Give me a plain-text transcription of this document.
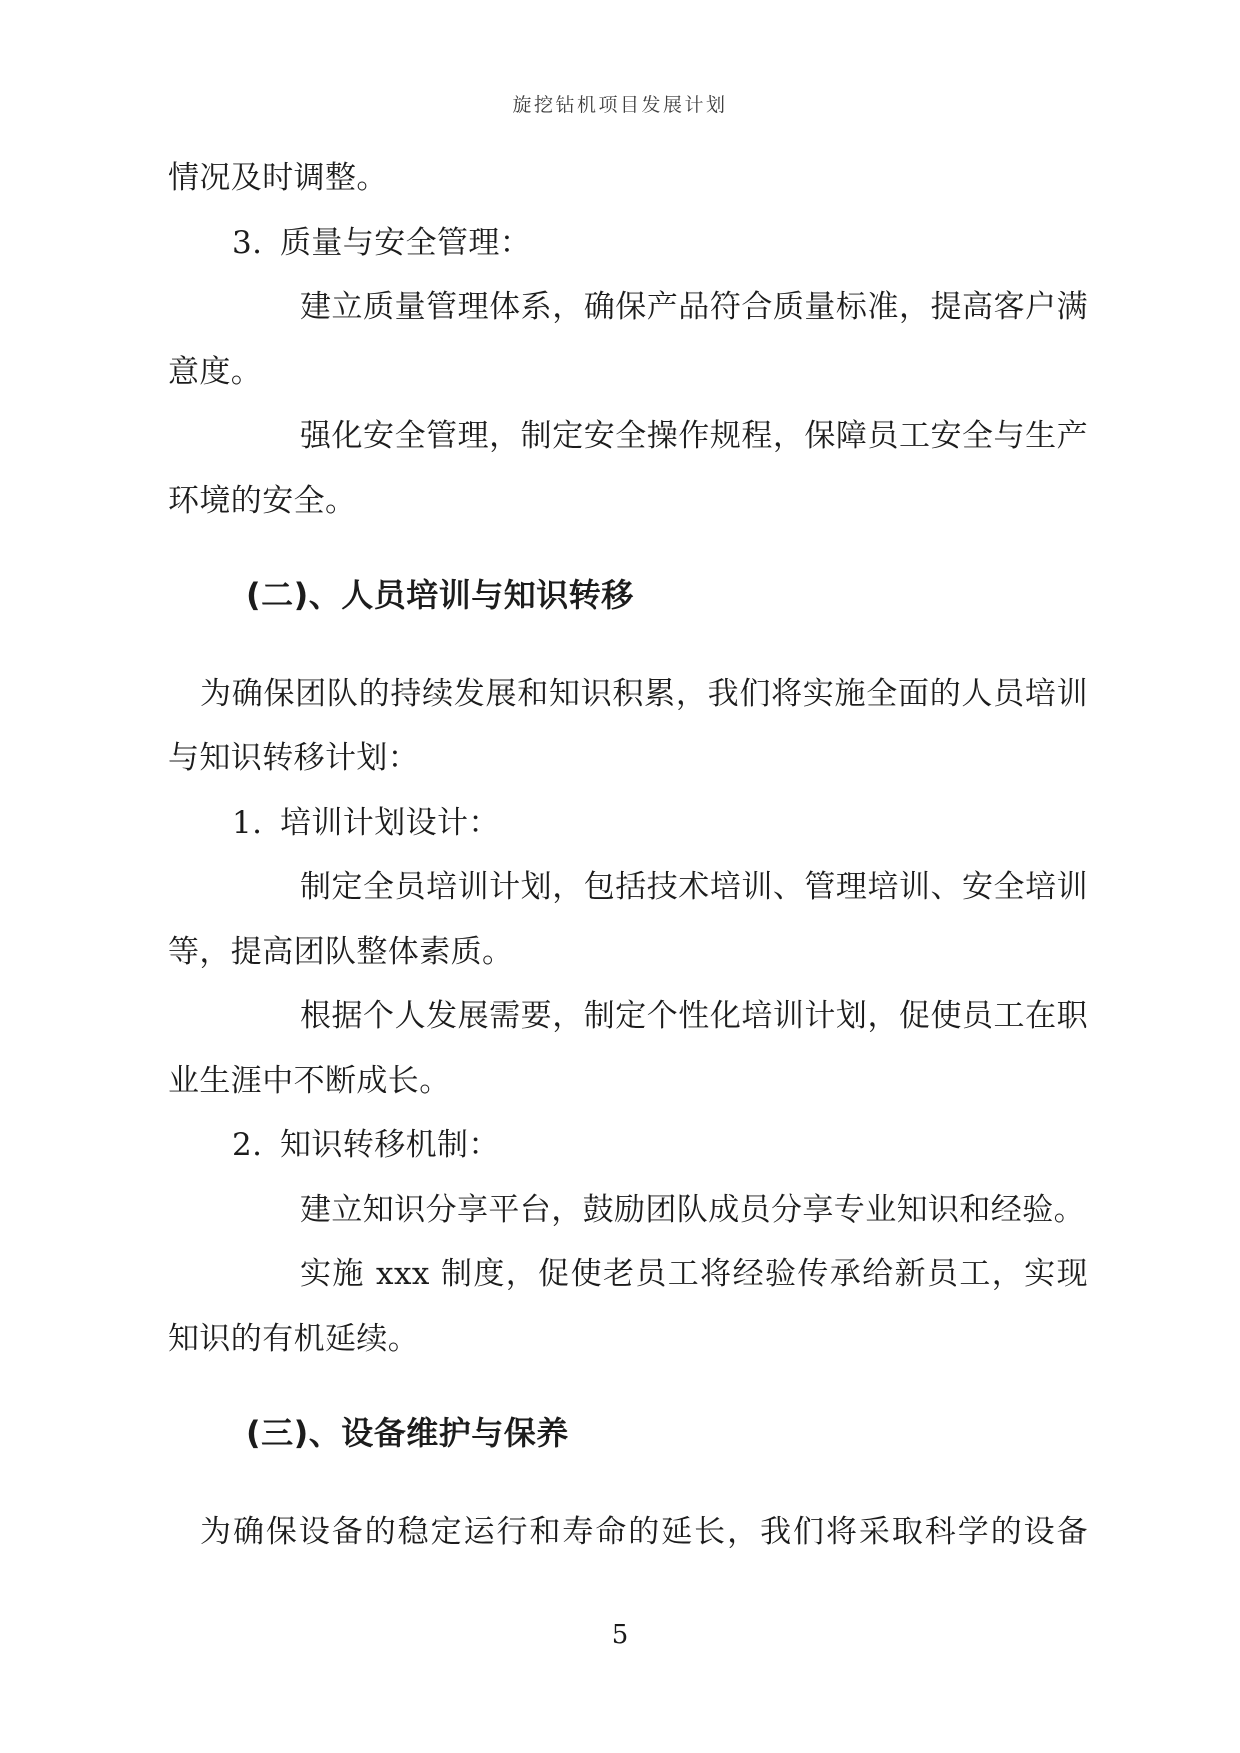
旋挖钻机项目发展计划

情况及时调整。

3. 质量与安全管理：

建立质量管理体系，确保产品符合质量标准，提高客户满意度。

强化安全管理，制定安全操作规程，保障员工安全与生产环境的安全。

(二)、人员培训与知识转移

为确保团队的持续发展和知识积累，我们将实施全面的人员培训与知识转移计划：

1. 培训计划设计：

制定全员培训计划，包括技术培训、管理培训、安全培训等，提高团队整体素质。

根据个人发展需要，制定个性化培训计划，促使员工在职业生涯中不断成长。

2. 知识转移机制：

建立知识分享平台，鼓励团队成员分享专业知识和经验。

实施 xxx 制度，促使老员工将经验传承给新员工，实现知识的有机延续。

(三)、设备维护与保养

为确保设备的稳定运行和寿命的延长，我们将采取科学的设备

5
